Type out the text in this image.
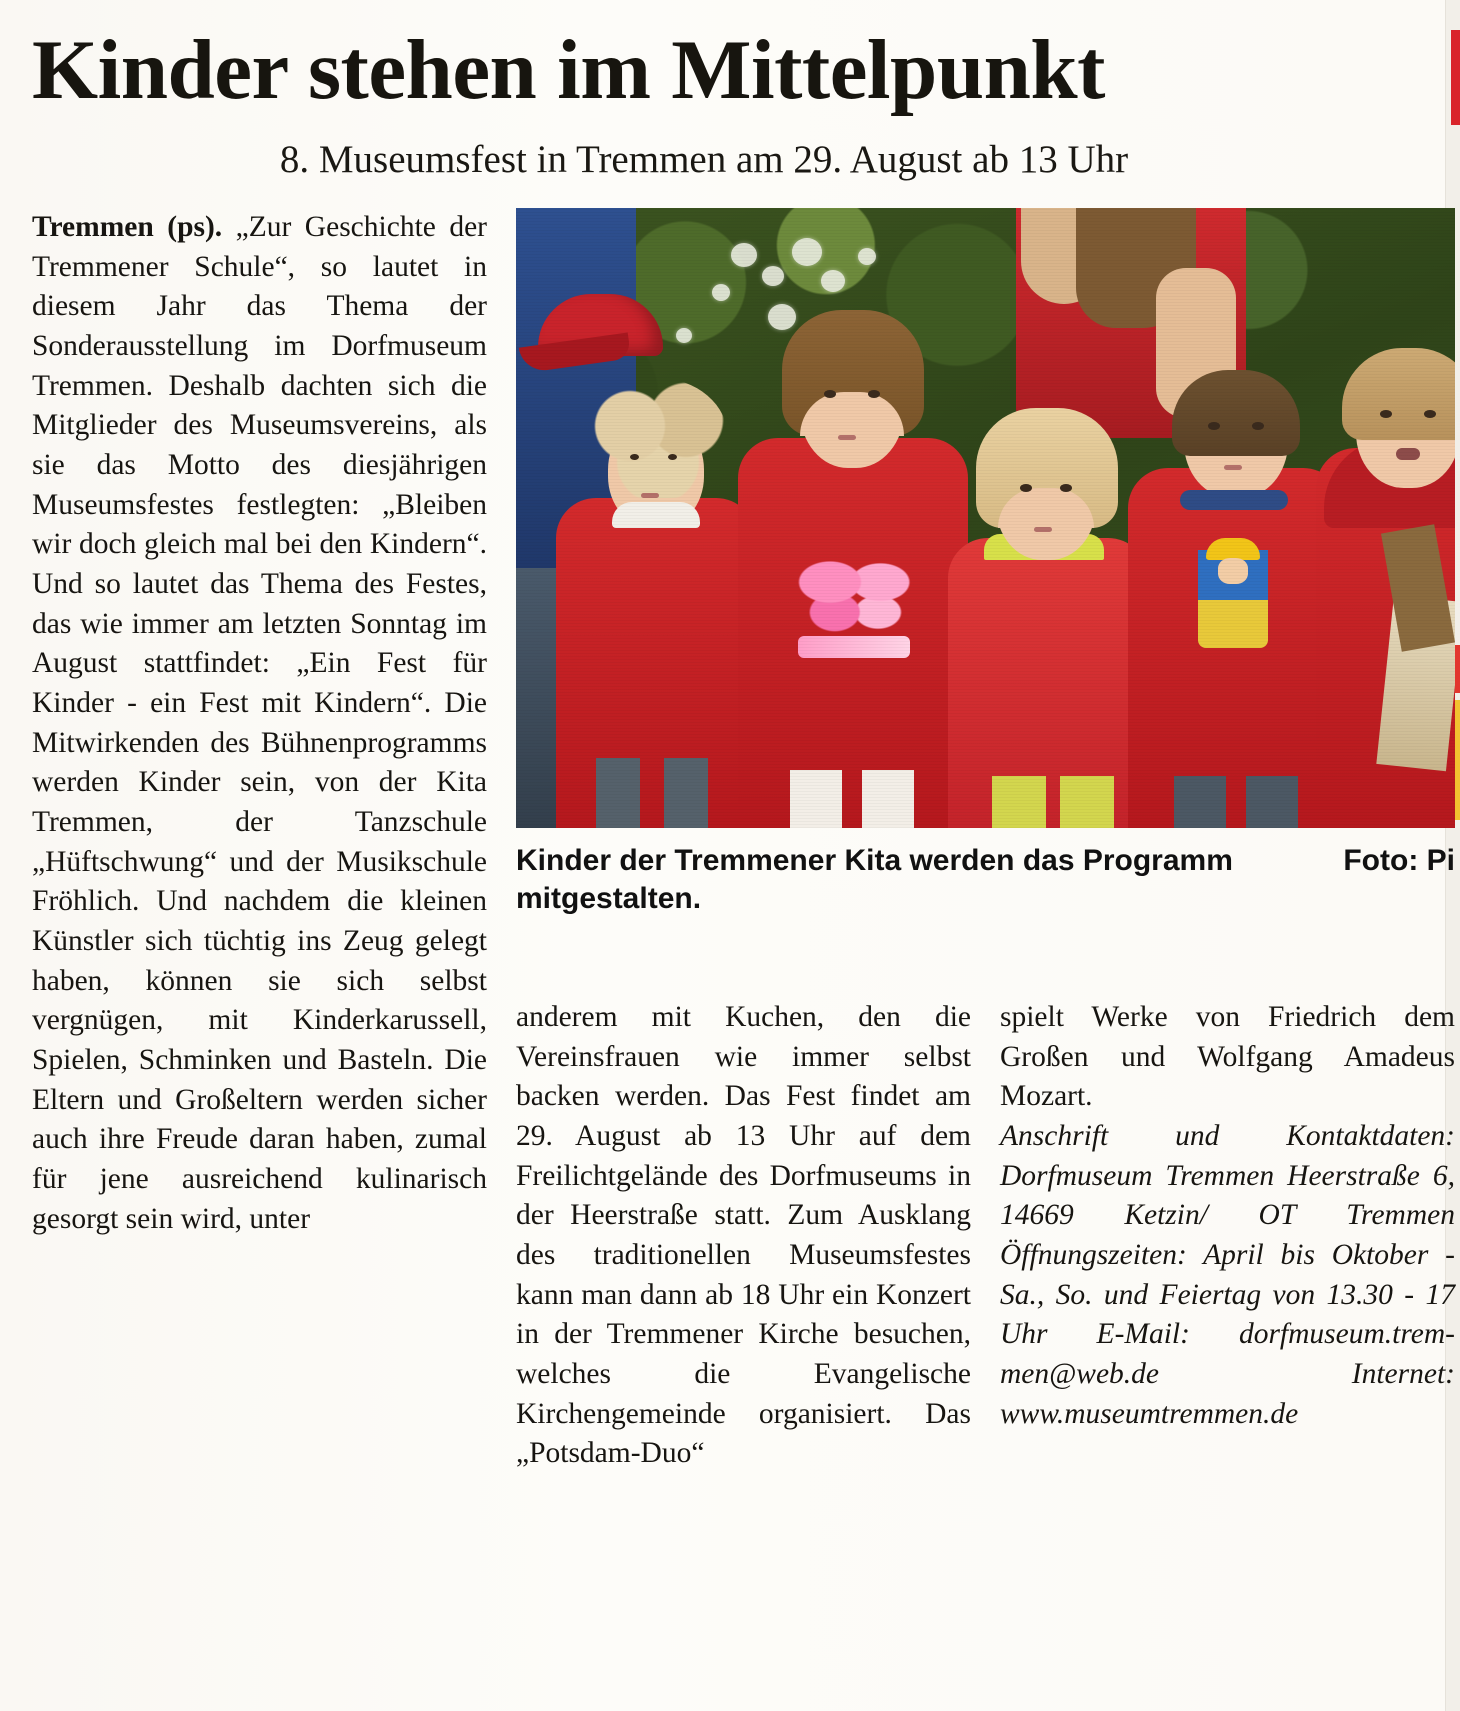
Kinder stehen im Mittelpunkt
8. Museumsfest in Tremmen am 29. August ab 13 Uhr
Foto: Pi
Kinder der Tremmener Kita werden das Programm mitgestalten.

Tremmen (ps). „Zur Geschichte der Tremmener Schule“, so lautet in diesem Jahr das Thema der Sonderausstellung im Dorfmuseum Tremmen. Deshalb dachten sich die Mitglieder des Museumsvereins, als sie das Motto des diesjährigen Museumsfestes festlegten: „Bleiben wir doch gleich mal bei den Kindern“. Und so lautet das Thema des Festes, das wie immer am letzten Sonntag im August stattfindet: „Ein Fest für Kinder - ein Fest mit Kindern“. Die Mitwirkenden des Bühnenprogramms werden Kinder sein, von der Kita Tremmen, der Tanzschule „Hüftschwung“ und der Musikschule Fröhlich. Und nachdem die kleinen Künstler sich tüchtig ins Zeug gelegt haben, können sie sich selbst vergnügen, mit Kinderkarussell, Spielen, Schminken und Basteln. Die Eltern und Großeltern werden sicher auch ihre Freude daran haben, zumal für jene ausreichend kulinarisch gesorgt sein wird, unter

anderem mit Kuchen, den die Vereinsfrauen wie immer selbst backen werden. Das Fest findet am 29. August ab 13 Uhr auf dem Freilichtgelände des Dorfmuseums in der Heerstraße statt. Zum Ausklang des traditionellen Museumsfestes kann man dann ab 18 Uhr ein Konzert in der Tremmener Kirche besuchen, welches die Evangelische Kirchengemeinde organisiert. Das „Potsdam-Duo“

spielt Werke von Friedrich dem Großen und Wolfgang Amadeus Mozart.

Anschrift und Kontaktdaten: Dorfmuseum Tremmen Heerstraße 6, 14669 Ketzin/ OT Tremmen Öffnungszeiten: April bis Oktober - Sa., So. und Feiertag von 13.30 - 17 Uhr E-Mail: dorfmuseum.tremmen@web.de Internet: www.museumtremmen.de
